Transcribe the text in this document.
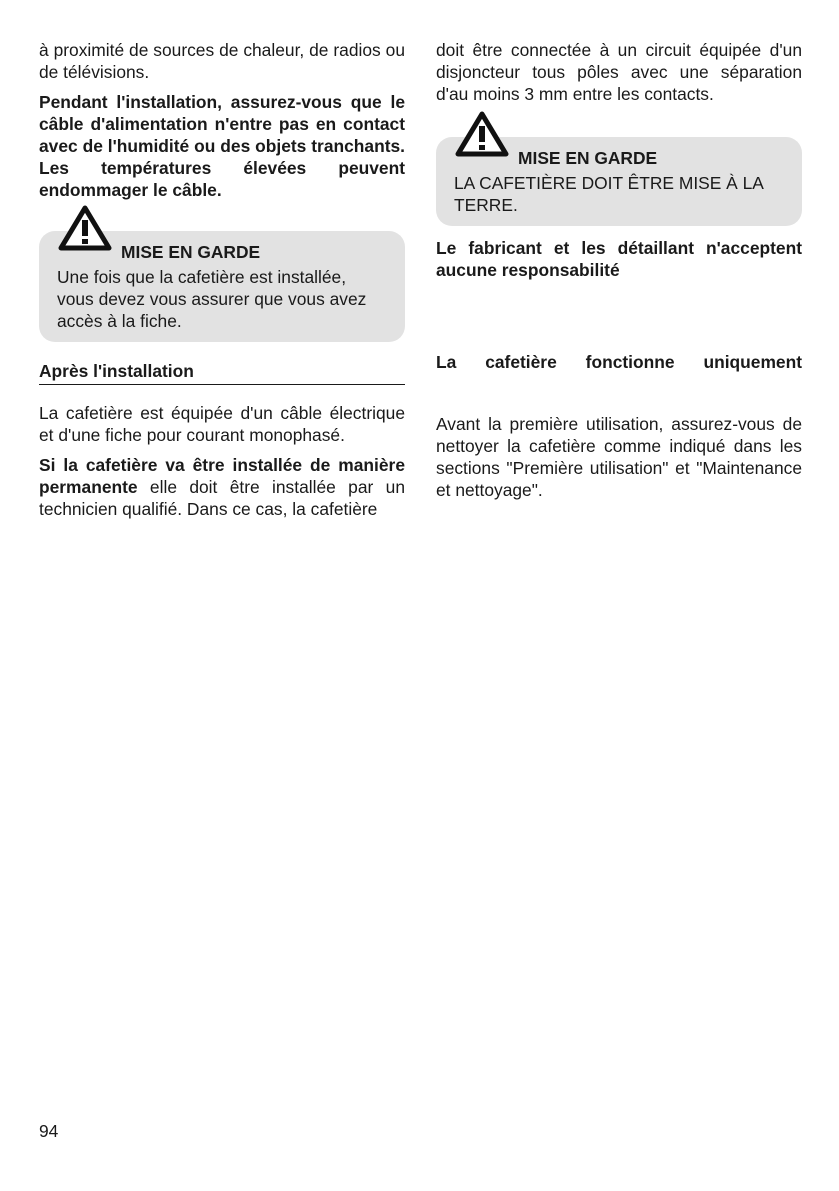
à proximité de sources de chaleur, de radios ou de télévisions.

Pendant l'installation, assurez-vous que le câble d'alimentation n'entre pas en contact avec de l'humidité ou des objets tranchants. Les températures élevées peuvent endommager le câble.

MISE EN GARDE

Une fois que la cafetière est installée, vous devez vous assurer que vous avez accès à la fiche.

Après l'installation

La cafetière est équipée d'un câble électrique et d'une fiche pour courant monophasé.

Si la cafetière va être installée de manière permanente elle doit être installée par un technicien qualifié. Dans ce cas, la cafetière

doit être connectée à un circuit équipée d'un disjoncteur tous pôles avec une séparation d'au moins 3 mm entre les contacts.

MISE EN GARDE

LA CAFETIÈRE DOIT ÊTRE MISE À LA TERRE.

Le fabricant et les détaillant n'acceptent aucune responsabilité

La cafetière fonctionne uniquement

Avant la première utilisation, assurez-vous de nettoyer la cafetière comme indiqué dans les sections "Première utilisation" et "Maintenance et nettoyage".

94
